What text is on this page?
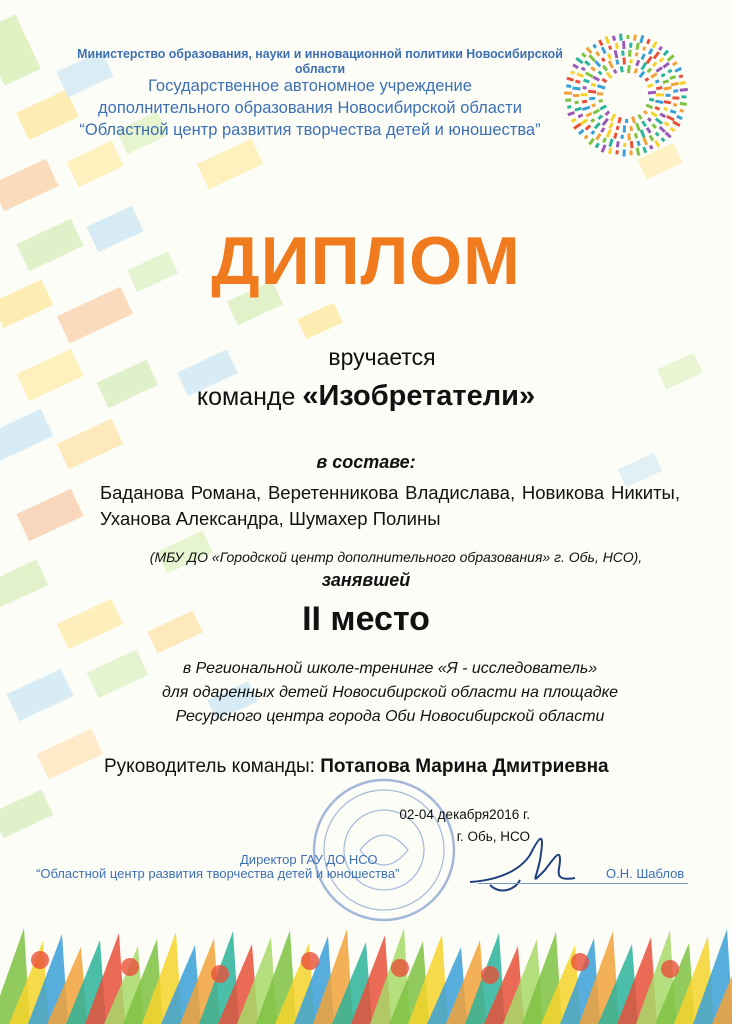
Министерство образования, науки и инновационной политики Новосибирской области
Государственное автономное учреждение
дополнительного образования Новосибирской области
“Областной центр развития творчества детей и юношества”
ДИПЛОМ
вручается
команде «Изобретатели»
в составе:
Баданова Романа, Веретенникова Владислава, Новикова Никиты, Уханова Александра, Шумахер Полины
(МБУ ДО «Городской центр дополнительного образования» г. Обь, НСО),
занявшей
II место
в Региональной школе-тренинге «Я - исследователь»
для одаренных детей Новосибирской области на площадке
Ресурсного центра города Оби Новосибирской области
Руководитель команды: Потапова Марина Дмитриевна
02-04 декабря2016 г.
г. Обь, НСО
Директор ГАУ ДО НСО
“Областной центр развития творчества детей и юношества”	О.Н. Шаблов
